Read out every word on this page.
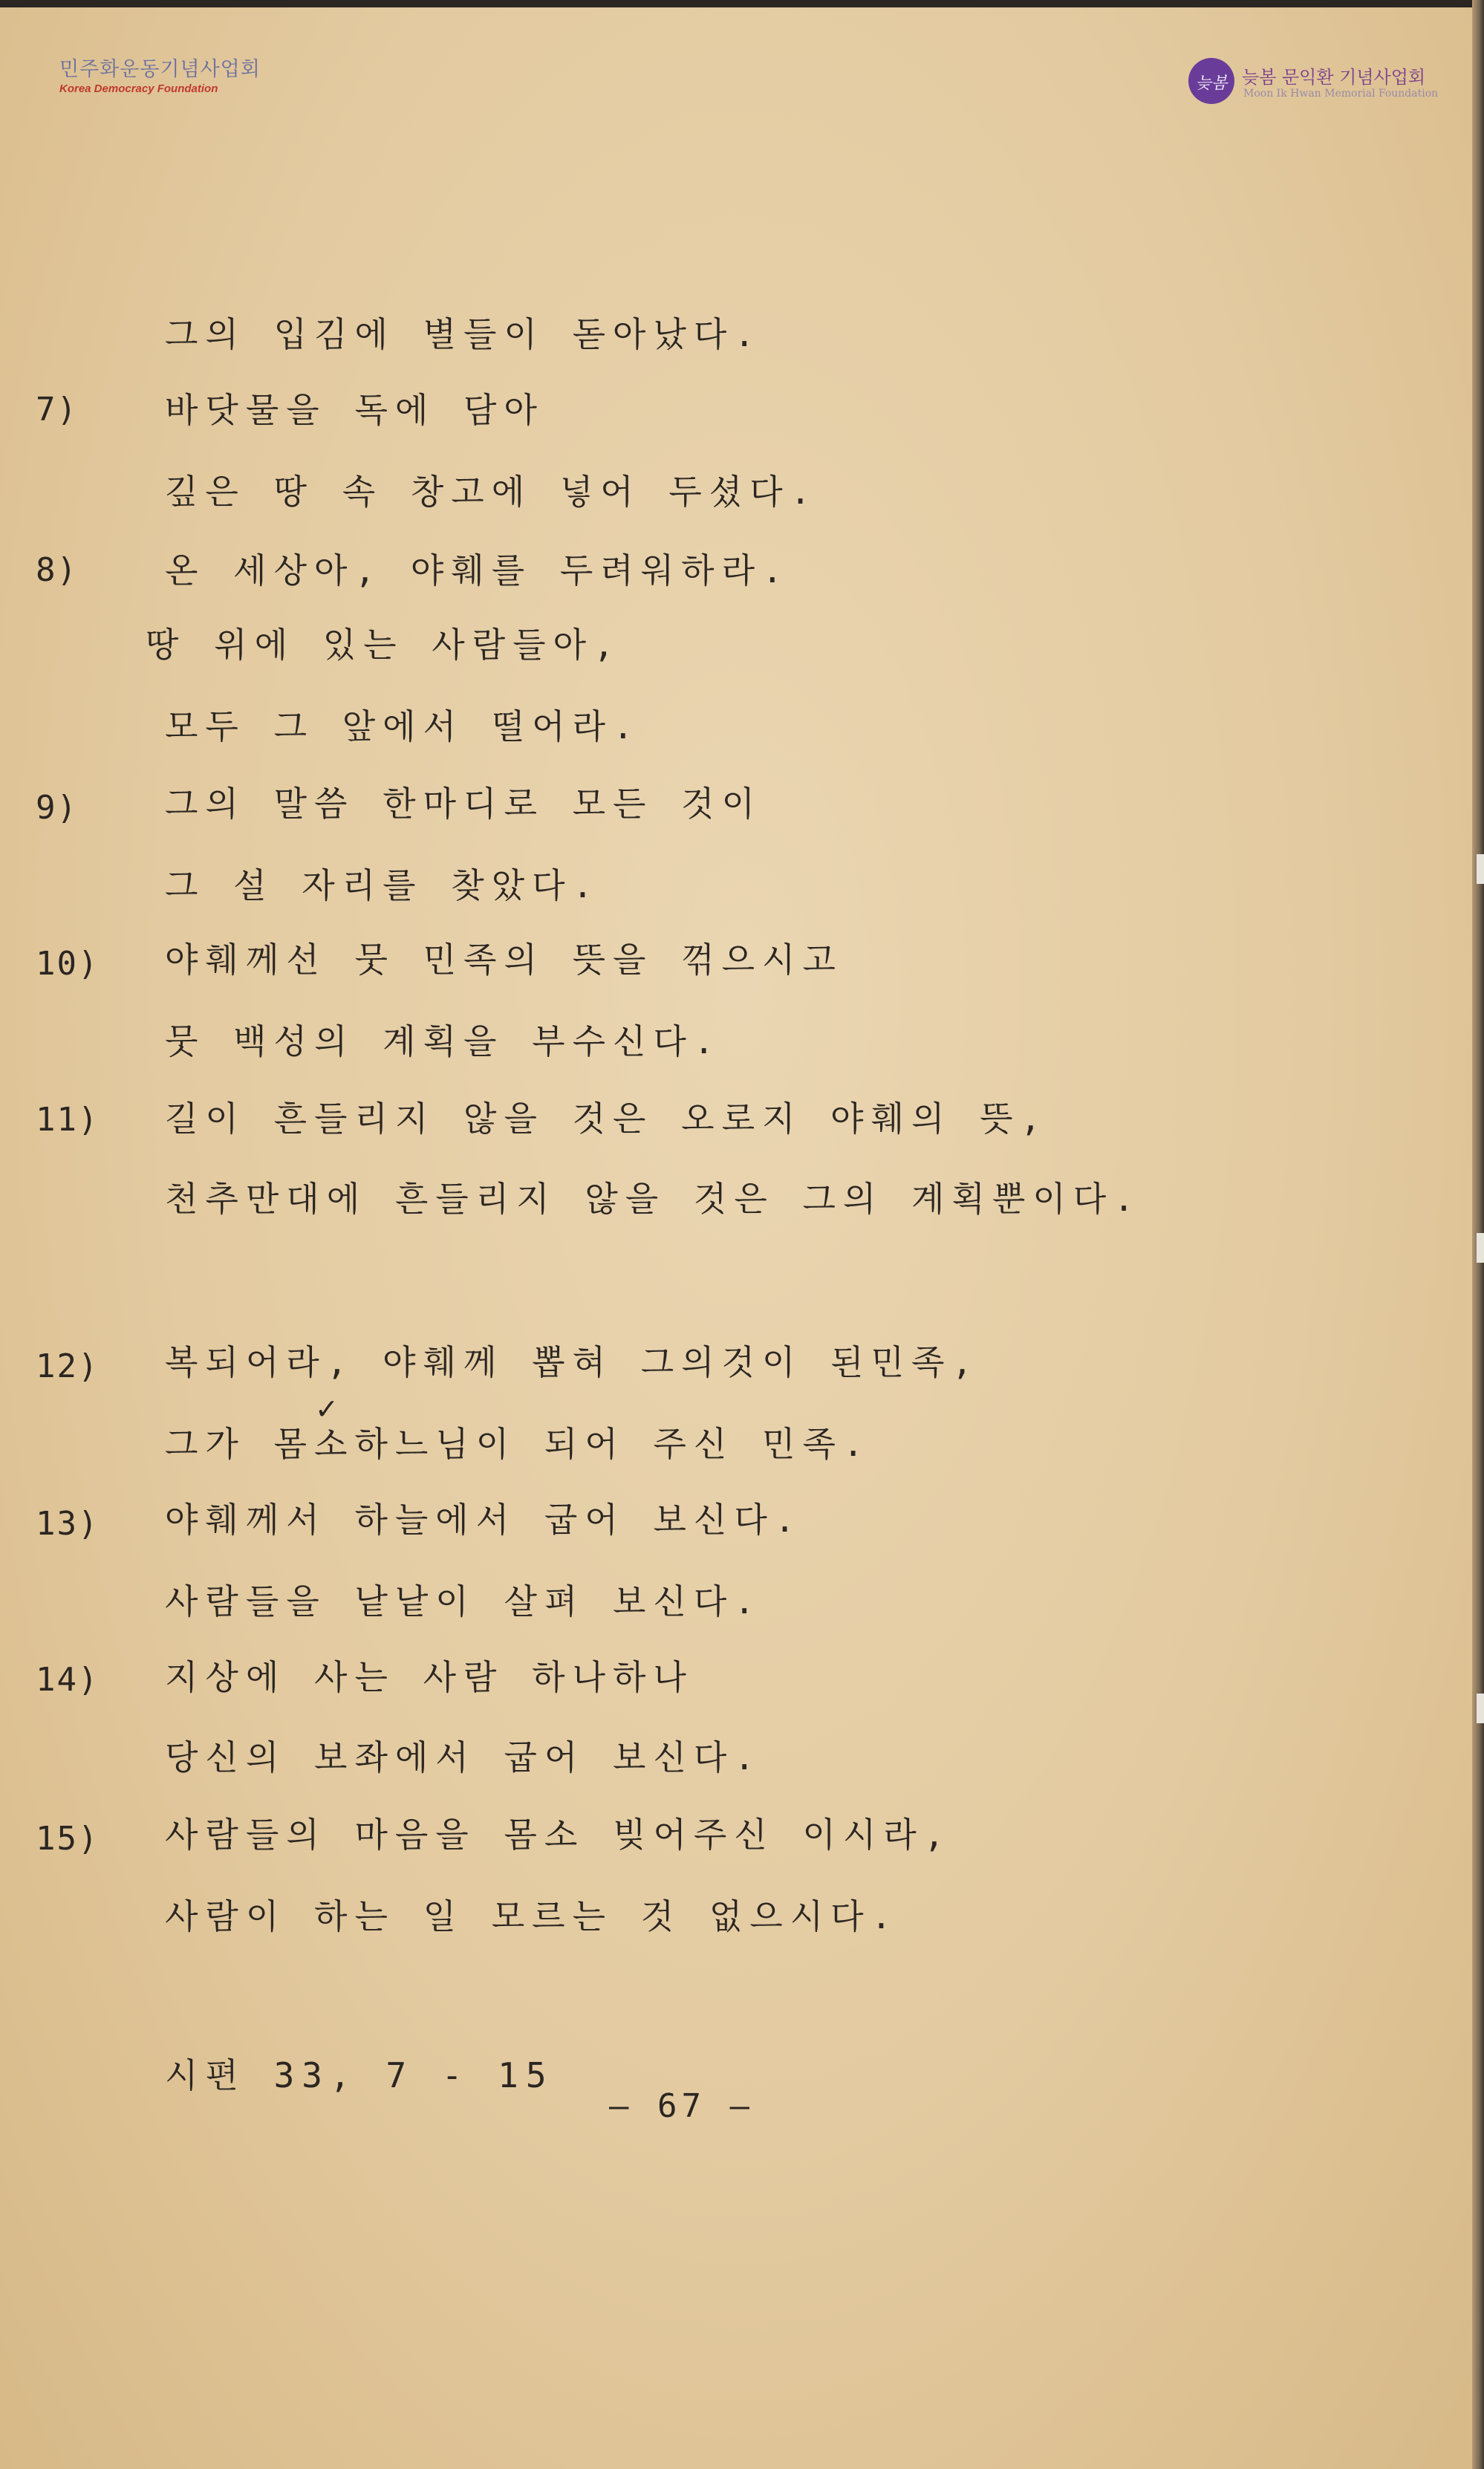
민주화운동기념사업회
Korea Democracy Foundation	늦봄 늦봄 문익환 기념사업회
Moon Ik Hwan Memorial Foundation
그의 입김에 별들이 돋아났다.
7)	바닷물을 독에 담아
깊은 땅 속 창고에 넣어 두셨다.
8)	온 세상아, 야훼를 두려워하라.
땅 위에 있는 사람들아,
모두 그 앞에서 떨어라.
9)	그의 말씀 한마디로 모든 것이
그 설 자리를 찾았다.
10) 야훼께선 뭇 민족의 뜻을 꺾으시고
뭇 백성의 계획을 부수신다.
11) 길이 흔들리지 않을 것은 오로지 야훼의 뜻,
천추만대에 흔들리지 않을 것은 그의 계획뿐이다.
12) 복되어라, 야훼께 뽑혀 그의것이 된민족,
✓
그가 몸소하느님이 되어 주신 민족.
13) 야훼께서 하늘에서 굽어 보신다.
사람들을 낱낱이 살펴 보신다.
14) 지상에 사는 사람 하나하나
당신의 보좌에서 굽어 보신다.
15) 사람들의 마음을 몸소 빚어주신 이시라,
사람이 하는 일 모르는 것 없으시다.
시편 33, 7 - 15
— 67 —
